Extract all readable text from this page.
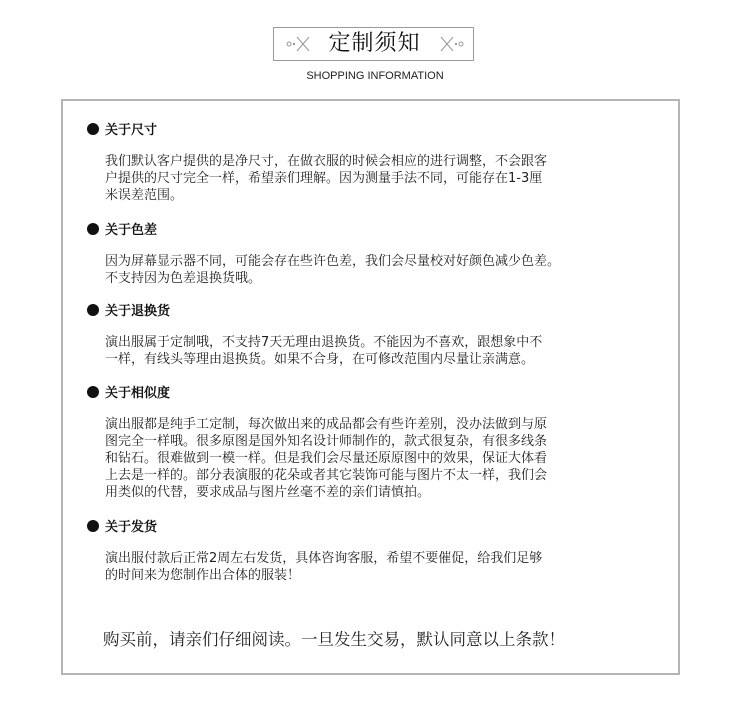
定制须知
SHOPPING INFORMATION
关于尺寸
我们默认客户提供的是净尺寸，在做衣服的时候会相应的进行调整，不会跟客
户提供的尺寸完全一样，希望亲们理解。因为测量手法不同，可能存在1-3厘
米误差范围。
关于色差
因为屏幕显示器不同，可能会存在些许色差，我们会尽量校对好颜色减少色差。
不支持因为色差退换货哦。
关于退换货
演出服属于定制哦，不支持7天无理由退换货。不能因为不喜欢，跟想象中不
一样，有线头等理由退换货。如果不合身，在可修改范围内尽量让亲满意。
关于相似度
演出服都是纯手工定制，每次做出来的成品都会有些许差别，没办法做到与原
图完全一样哦。很多原图是国外知名设计师制作的，款式很复杂，有很多线条
和钻石。很难做到一模一样。但是我们会尽量还原原图中的效果，保证大体看
上去是一样的。部分表演服的花朵或者其它装饰可能与图片不太一样，我们会
用类似的代替，要求成品与图片丝毫不差的亲们请慎拍。
关于发货
演出服付款后正常2周左右发货，具体咨询客服，希望不要催促，给我们足够
的时间来为您制作出合体的服装！
购买前，请亲们仔细阅读。一旦发生交易，默认同意以上条款！
